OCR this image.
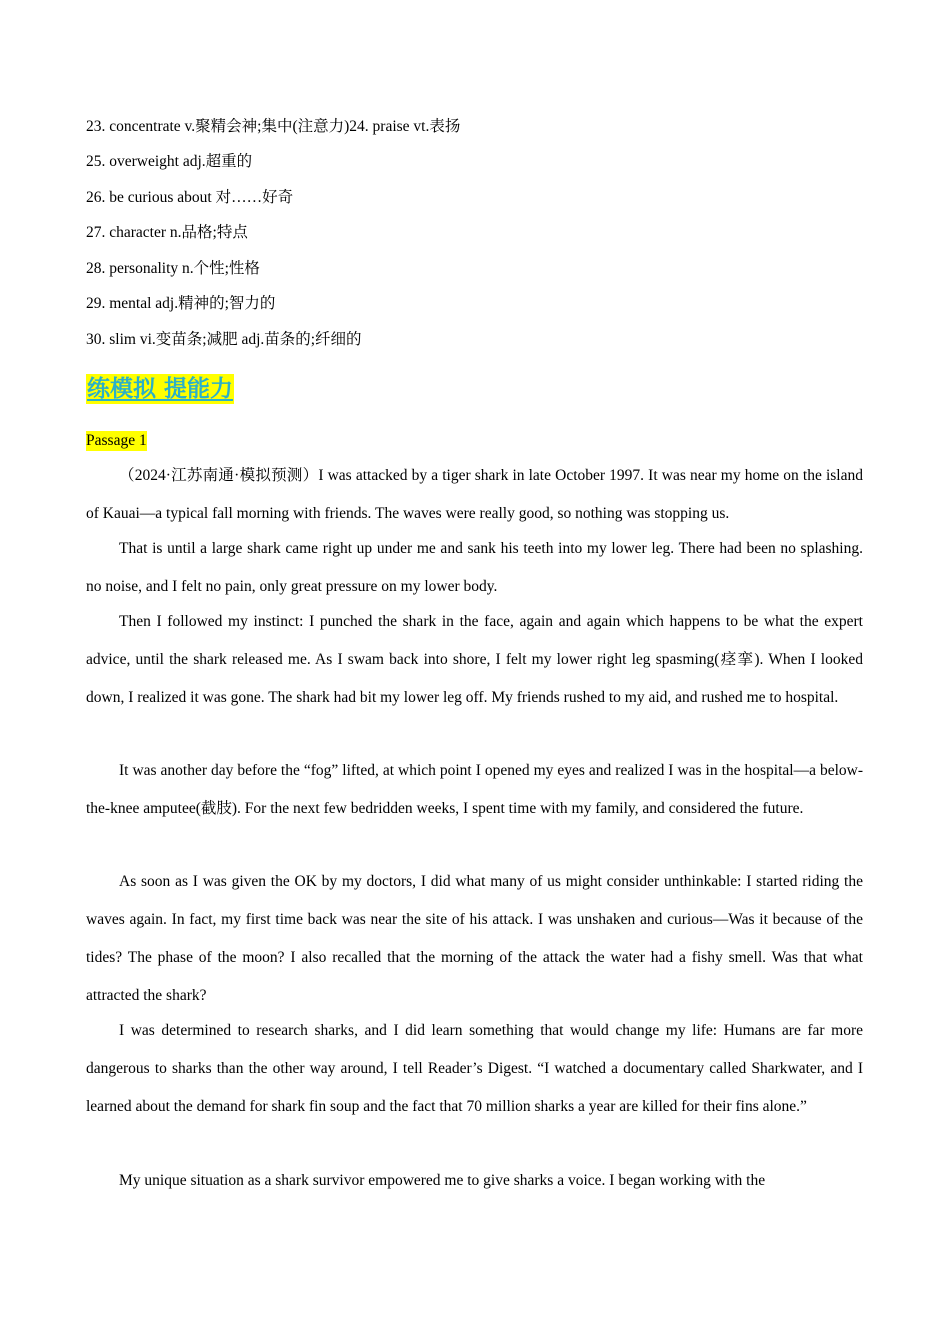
23. concentrate v.聚精会神;集中(注意力)24. praise vt.表扬
25. overweight adj.超重的
26. be curious about 对……好奇
27. character n.品格;特点
28. personality n.个性;性格
29. mental adj.精神的;智力的
30. slim vi.变苗条;减肥 adj.苗条的;纤细的
练模拟 提能力
Passage 1

（2024·江苏南通·模拟预测）I was attacked by a tiger shark in late October 1997. It was near my home on the island of Kauai—a typical fall morning with friends. The waves were really good, so nothing was stopping us.

That is until a large shark came right up under me and sank his teeth into my lower leg. There had been no splashing. no noise, and I felt no pain, only great pressure on my lower body.

Then I followed my instinct: I punched the shark in the face, again and again which happens to be what the expert advice, until the shark released me. As I swam back into shore, I felt my lower right leg spasming(痉挛). When I looked down, I realized it was gone. The shark had bit my lower leg off. My friends rushed to my aid, and rushed me to hospital.

It was another day before the “fog” lifted, at which point I opened my eyes and realized I was in the hospital—a below-the-knee amputee(截肢). For the next few bedridden weeks, I spent time with my family, and considered the future.

As soon as I was given the OK by my doctors, I did what many of us might consider unthinkable: I started riding the waves again. In fact, my first time back was near the site of his attack. I was unshaken and curious—Was it because of the tides? The phase of the moon? I also recalled that the morning of the attack the water had a fishy smell. Was that what attracted the shark?

I was determined to research sharks, and I did learn something that would change my life: Humans are far more dangerous to sharks than the other way around, I tell Reader’s Digest. “I watched a documentary called Sharkwater, and I learned about the demand for shark fin soup and the fact that 70 million sharks a year are killed for their fins alone.”

My unique situation as a shark survivor empowered me to give sharks a voice. I began working with the
